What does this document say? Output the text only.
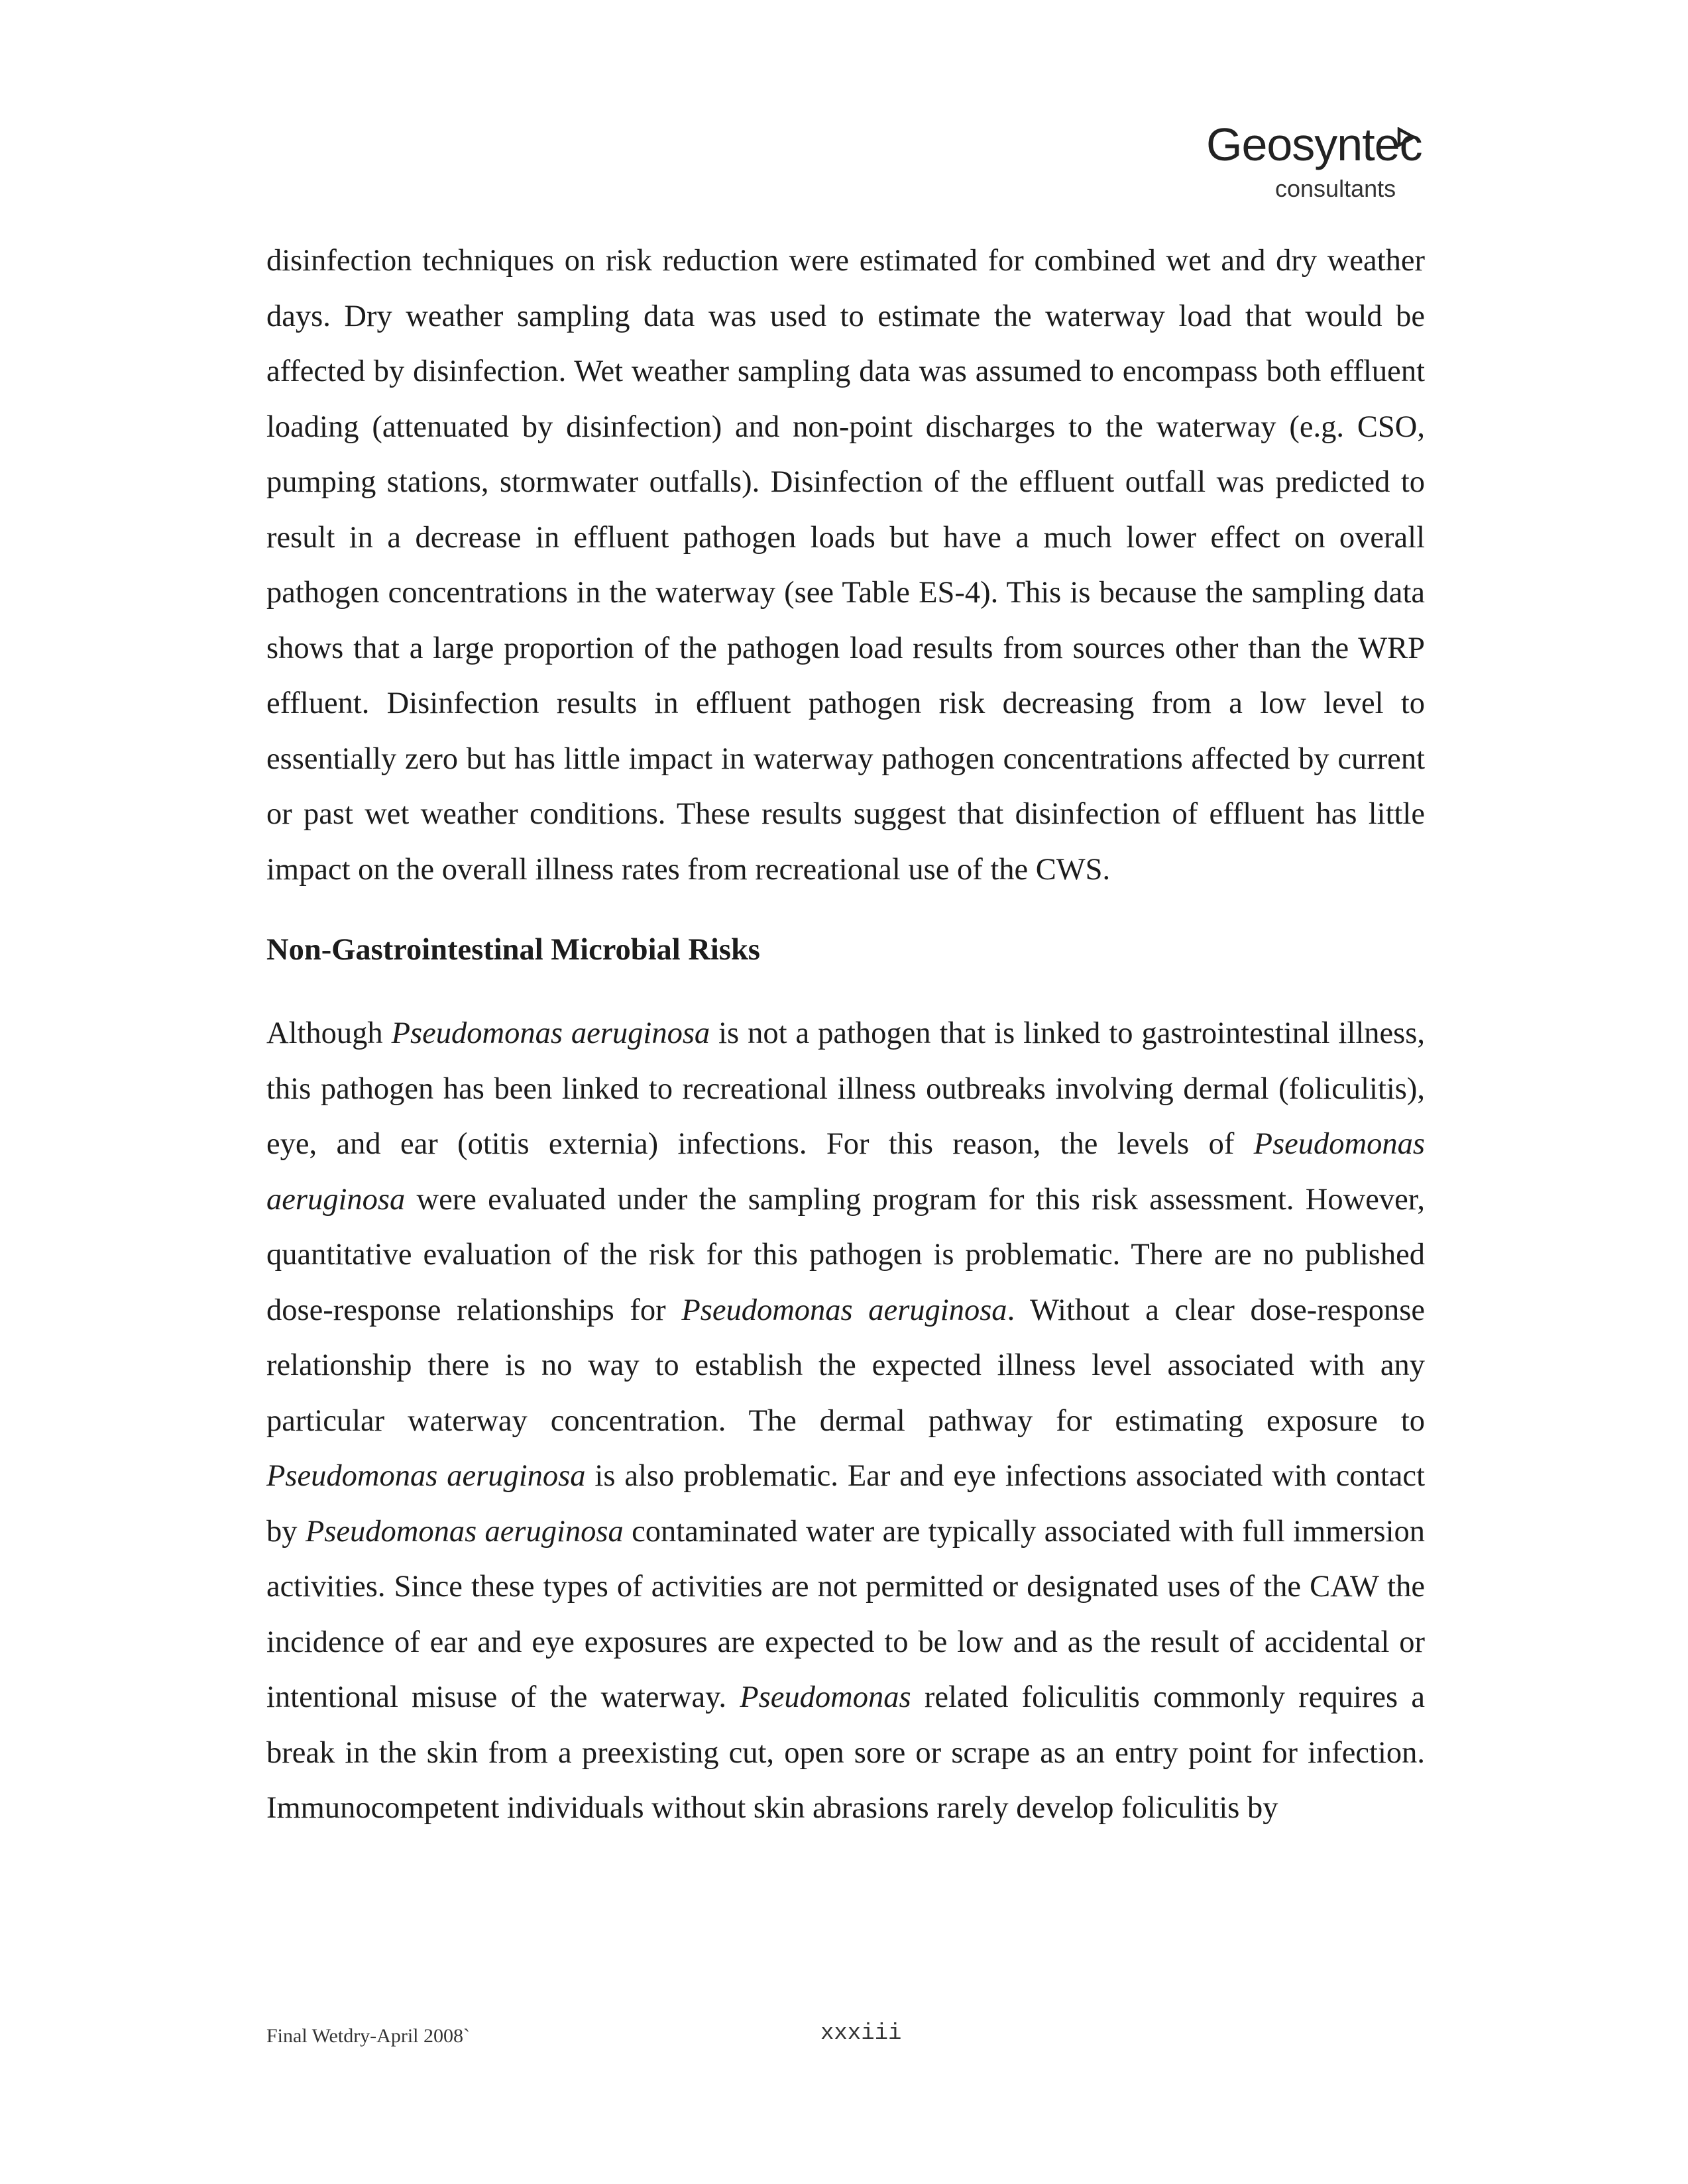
Geosyntec
consultants

disinfection techniques on risk reduction were estimated for combined wet and dry weather days. Dry weather sampling data was used to estimate the waterway load that would be affected by disinfection. Wet weather sampling data was assumed to encompass both effluent loading (attenuated by disinfection) and non-point discharges to the waterway (e.g. CSO, pumping stations, stormwater outfalls). Disinfection of the effluent outfall was predicted to result in a decrease in effluent pathogen loads but have a much lower effect on overall pathogen concentrations in the waterway (see Table ES-4). This is because the sampling data shows that a large proportion of the pathogen load results from sources other than the WRP effluent. Disinfection results in effluent pathogen risk decreasing from a low level to essentially zero but has little impact in waterway pathogen concentrations affected by current or past wet weather conditions. These results suggest that disinfection of effluent has little impact on the overall illness rates from recreational use of the CWS.

Non-Gastrointestinal Microbial Risks

Although Pseudomonas aeruginosa is not a pathogen that is linked to gastrointestinal illness, this pathogen has been linked to recreational illness outbreaks involving dermal (foliculitis), eye, and ear (otitis externia) infections. For this reason, the levels of Pseudomonas aeruginosa were evaluated under the sampling program for this risk assessment. However, quantitative evaluation of the risk for this pathogen is problematic. There are no published dose-response relationships for Pseudomonas aeruginosa. Without a clear dose-response relationship there is no way to establish the expected illness level associated with any particular waterway concentration. The dermal pathway for estimating exposure to Pseudomonas aeruginosa is also problematic. Ear and eye infections associated with contact by Pseudomonas aeruginosa contaminated water are typically associated with full immersion activities. Since these types of activities are not permitted or designated uses of the CAW the incidence of ear and eye exposures are expected to be low and as the result of accidental or intentional misuse of the waterway. Pseudomonas related foliculitis commonly requires a break in the skin from a preexisting cut, open sore or scrape as an entry point for infection. Immunocompetent individuals without skin abrasions rarely develop foliculitis by

Final Wetdry-April 2008`	xxxiii
